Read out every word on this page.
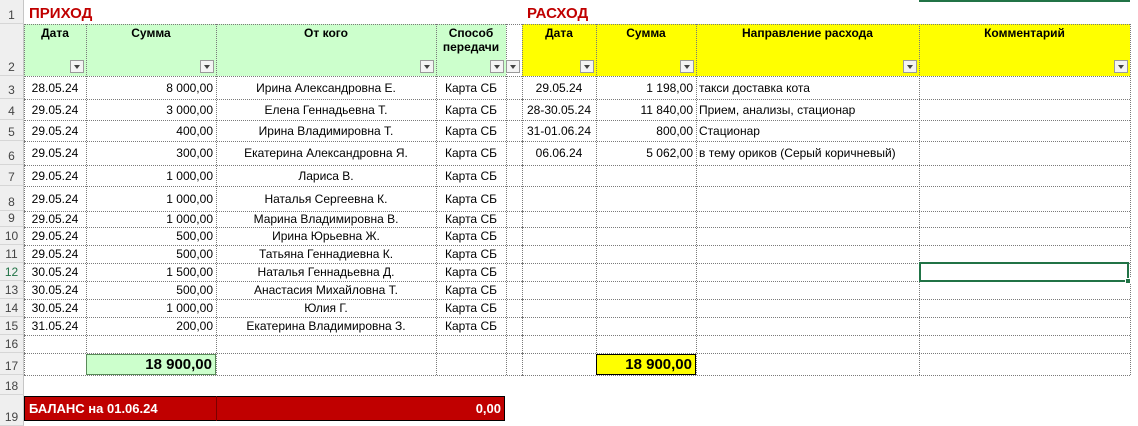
1
2
3
4
5
6
7
8
9
10
11
12
13
14
15
16
17
18
19
ПРИХОД	РАСХОД
Дата	Сумма	От кого	Способ передачи
Дата	Сумма	Направление расхода	Комментарий
28.05.24	8 000,00	Ирина Александровна Е.	Карта СБ
29.05.24	3 000,00	Елена Геннадьевна Т.	Карта СБ
29.05.24	400,00	Ирина Владимировна Т.	Карта СБ
29.05.24	300,00	Екатерина Александровна Я.	Карта СБ
29.05.24	1 000,00	Лариса В.	Карта СБ
29.05.24	1 000,00	Наталья Сергеевна К.	Карта СБ
29.05.24	1 000,00	Марина Владимировна В.	Карта СБ
29.05.24	500,00	Ирина Юрьевна Ж.	Карта СБ
29.05.24	500,00	Татьяна Геннадиевна К.	Карта СБ
30.05.24	1 500,00	Наталья Геннадьевна Д.	Карта СБ
30.05.24	500,00	Анастасия Михайловна Т.	Карта СБ
30.05.24	1 000,00	Юлия Г.	Карта СБ
31.05.24	200,00	Екатерина Владимировна З.	Карта СБ
29.05.24	1 198,00 такси доставка кота
28-30.05.24	11 840,00 Прием, анализы, стационар
31-01.06.24	800,00 Стационар
06.06.24	5 062,00 в тему ориков (Серый коричневый)
18 900,00	18 900,00
БАЛАНС на 01.06.24	0,00
